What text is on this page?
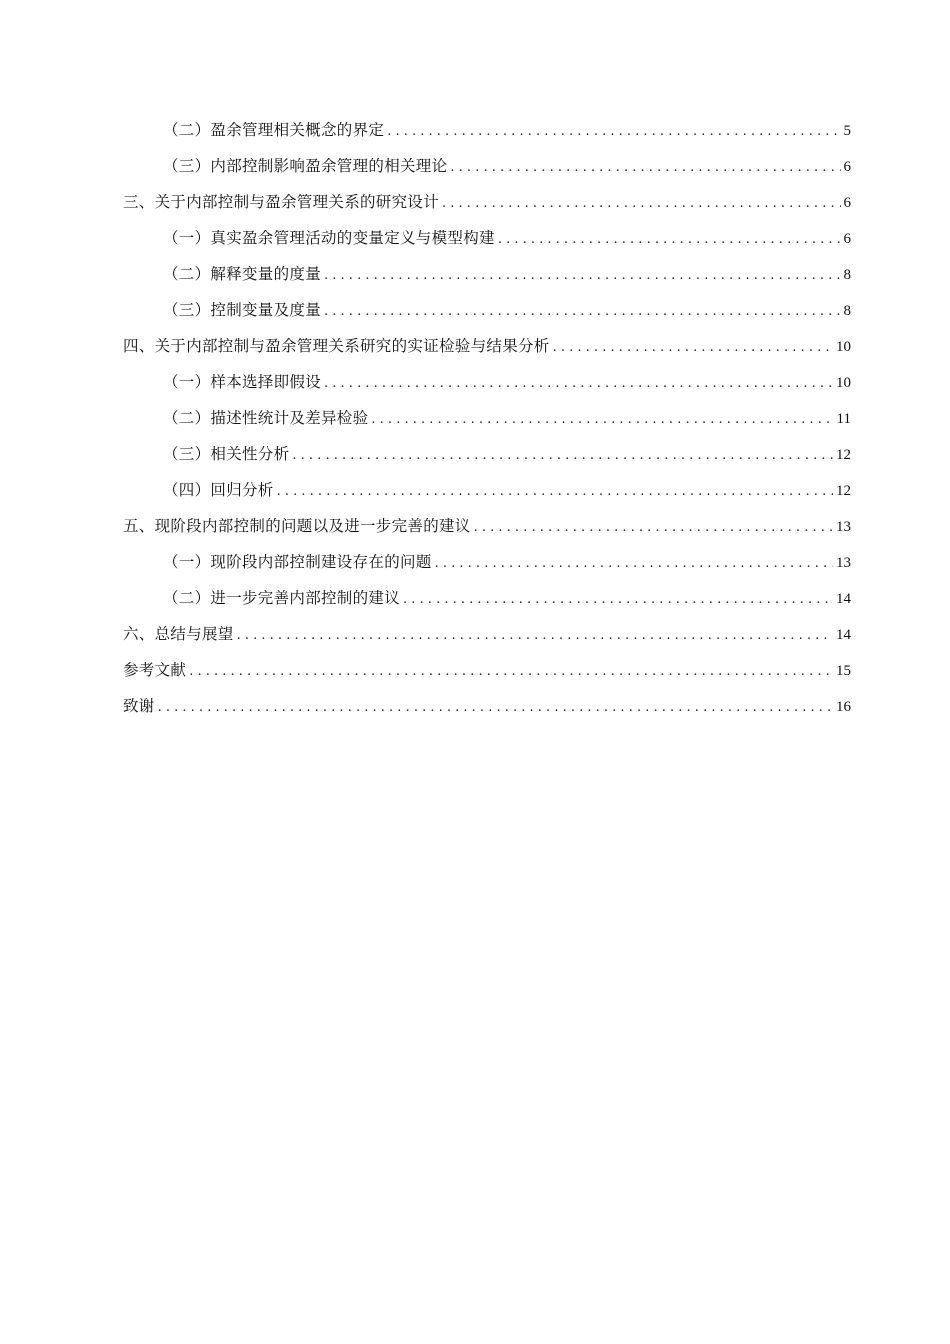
（二）盈余管理相关概念的界定 . . .	5
（三）内部控制影响盈余管理的相关理论 . . .	6
三、关于内部控制与盈余管理关系的研究设计 . . .	6
（一）真实盈余管理活动的变量定义与模型构建 . . .	6
（二）解释变量的度量 . . .	8
（三）控制变量及度量 . . .	8
四、关于内部控制与盈余管理关系研究的实证检验与结果分析 . . .	10
（一）样本选择即假设 . . .	10
（二）描述性统计及差异检验 . . .	11
（三）相关性分析 . . .	12
（四）回归分析 . . .	12
五、现阶段内部控制的问题以及进一步完善的建议 . . .	13
（一）现阶段内部控制建设存在的问题 . . .	13
（二）进一步完善内部控制的建议 . . .	14
六、总结与展望 . . .	14
参考文献 . . .	15
致谢 . . .	16
